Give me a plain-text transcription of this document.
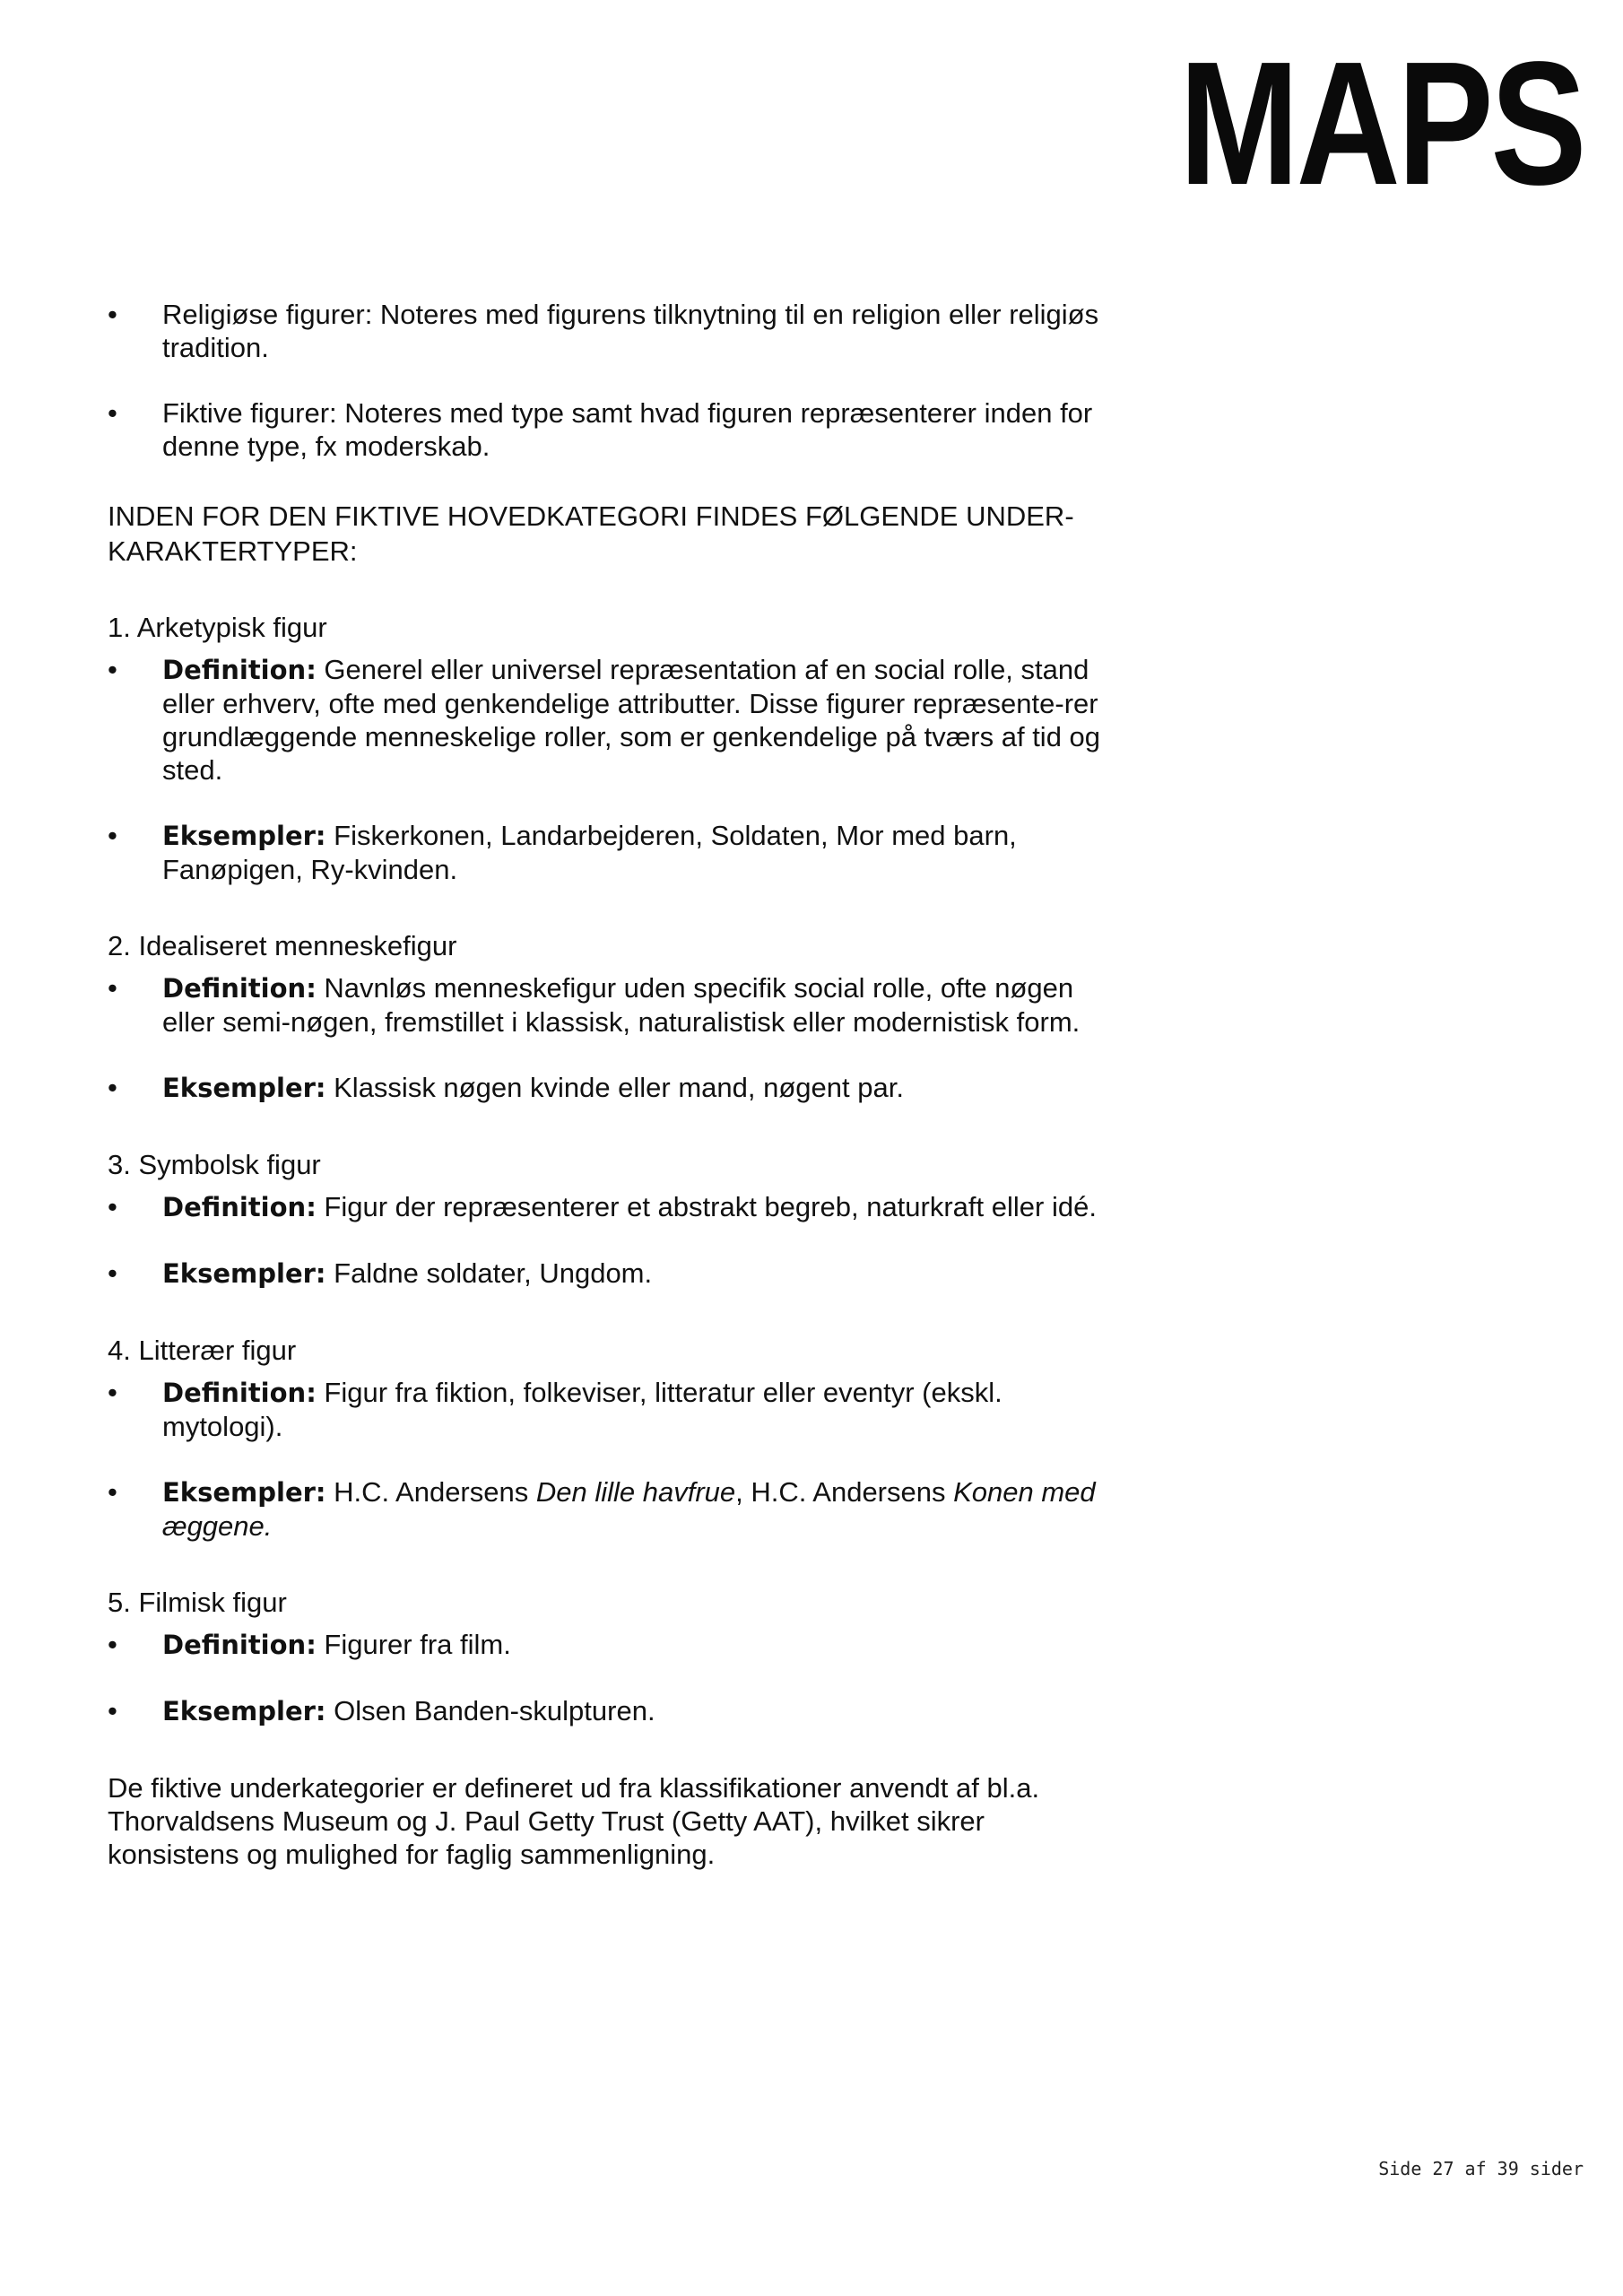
MAPS
•	Religiøse figurer: Noteres med figurens tilknytning til en religion eller religiøs tradition.
•	Fiktive figurer: Noteres med type samt hvad figuren repræsenterer inden for denne type, fx moderskab.
INDEN FOR DEN FIKTIVE HOVEDKATEGORI FINDES FØLGENDE UNDER-KARAKTERTYPER:
1. Arketypisk figur
•	Definition: Generel eller universel repræsentation af en social rolle, stand eller erhverv, ofte med genkendelige attributter. Disse figurer repræsente-rer grundlæggende menneskelige roller, som er genkendelige på tværs af tid og sted.
•	Eksempler: Fiskerkonen, Landarbejderen, Soldaten, Mor med barn, Fanøpigen, Ry-kvinden.
2. Idealiseret menneskefigur
•	Definition: Navnløs menneskefigur uden specifik social rolle, ofte nøgen eller semi-nøgen, fremstillet i klassisk, naturalistisk eller modernistisk form.
•	Eksempler: Klassisk nøgen kvinde eller mand, nøgent par.
3. Symbolsk figur
•	Definition: Figur der repræsenterer et abstrakt begreb, naturkraft eller idé.
•	Eksempler: Faldne soldater, Ungdom.
4. Litterær figur
•	Definition: Figur fra fiktion, folkeviser, litteratur eller eventyr (ekskl. mytologi).
•	Eksempler: H.C. Andersens Den lille havfrue, H.C. Andersens Konen med æggene.
5. Filmisk figur
•	Definition: Figurer fra film.
•	Eksempler: Olsen Banden-skulpturen.

De fiktive underkategorier er defineret ud fra klassifikationer anvendt af bl.a. Thorvaldsens Museum og J. Paul Getty Trust (Getty AAT), hvilket sikrer konsistens og mulighed for faglig sammenligning.

Side 27 af 39 sider
